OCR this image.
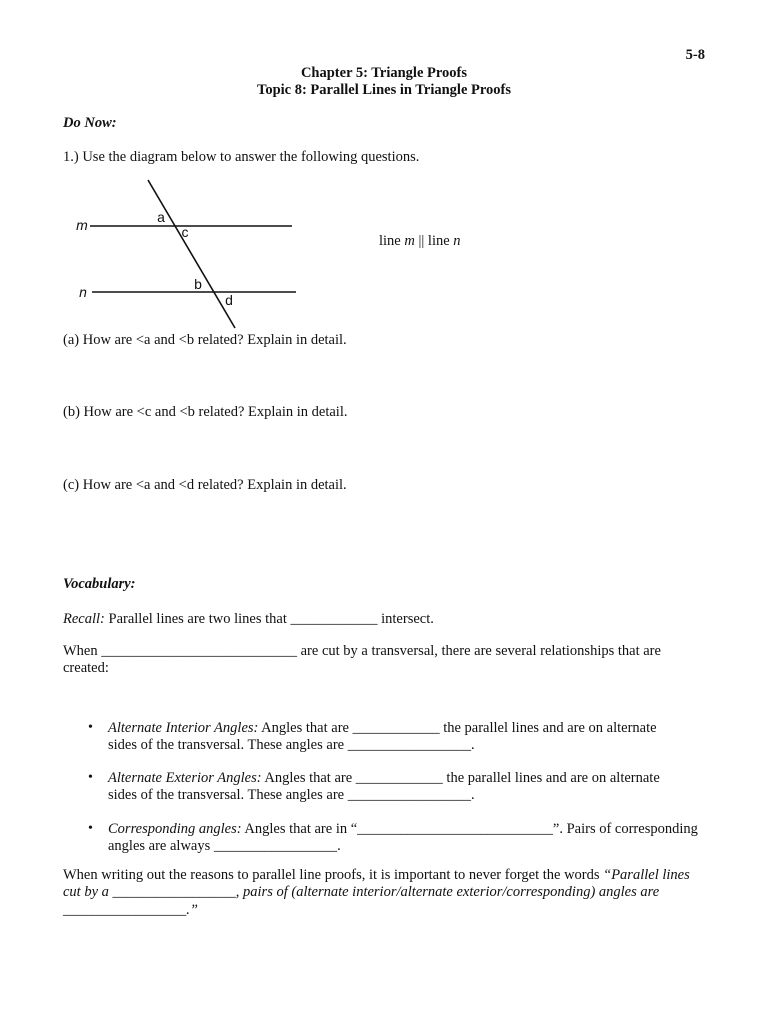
5-8
Chapter 5: Triangle Proofs
Topic 8: Parallel Lines in Triangle Proofs
Do Now:
1.) Use the diagram below to answer the following questions.
m
n
a
c
b
d
line m || line n
(a) How are <a and <b related? Explain in detail.
(b) How are <c and <b related? Explain in detail.
(c) How are <a and <d related? Explain in detail.
Vocabulary:
Recall: Parallel lines are two lines that ____________ intersect.
When ___________________________ are cut by a transversal, there are several relationships that are
created:
• Alternate Interior Angles: Angles that are ____________ the parallel lines and are on alternate
sides of the transversal. These angles are _________________.
• Alternate Exterior Angles: Angles that are ____________ the parallel lines and are on alternate
sides of the transversal. These angles are _________________.
• Corresponding angles: Angles that are in “___________________________”. Pairs of corresponding
angles are always _________________.
When writing out the reasons to parallel line proofs, it is important to never forget the words “Parallel lines
cut by a _________________, pairs of (alternate interior/alternate exterior/corresponding) angles are
_________________.”
